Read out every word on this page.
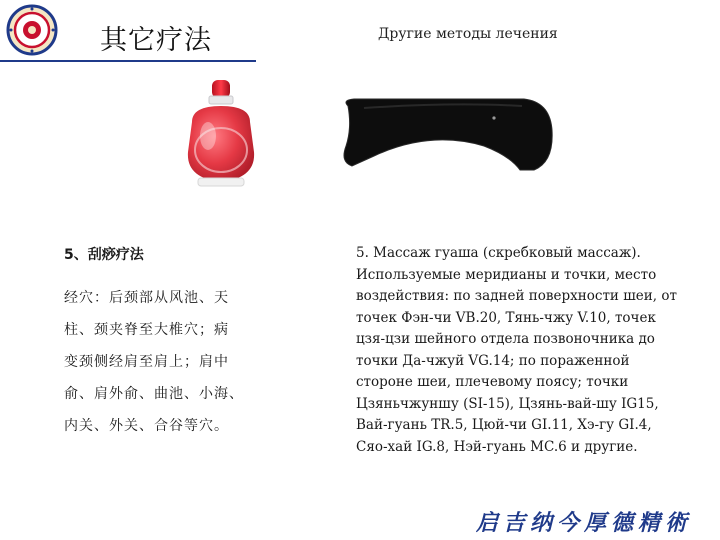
其它疗法	Другие методы лечения
5、刮痧疗法
经穴：后颈部从风池、天
柱、颈夹脊至大椎穴；病
变颈侧经肩至肩上；肩中
俞、肩外俞、曲池、小海、
内关、外关、合谷等穴。
5. Массаж гуаша (скребковый массаж).
Используемые меридианы и точки, место
воздействия: по задней поверхности шеи, от
точек Фэн-чи VB.20, Тянь-чжу V.10, точек
цзя-цзи шейного отдела позвоночника до
точки Да-чжуй VG.14; по пораженной
стороне шеи, плечевому поясу; точки
Цзяньчжуншу (SI-15), Цзянь-вай-шу IG15,
Вай-гуань TR.5, Цюй-чи GI.11, Хэ-гу GI.4,
Сяо-хай IG.8, Нэй-гуань MC.6 и другие.
启吉纳今厚德精術
